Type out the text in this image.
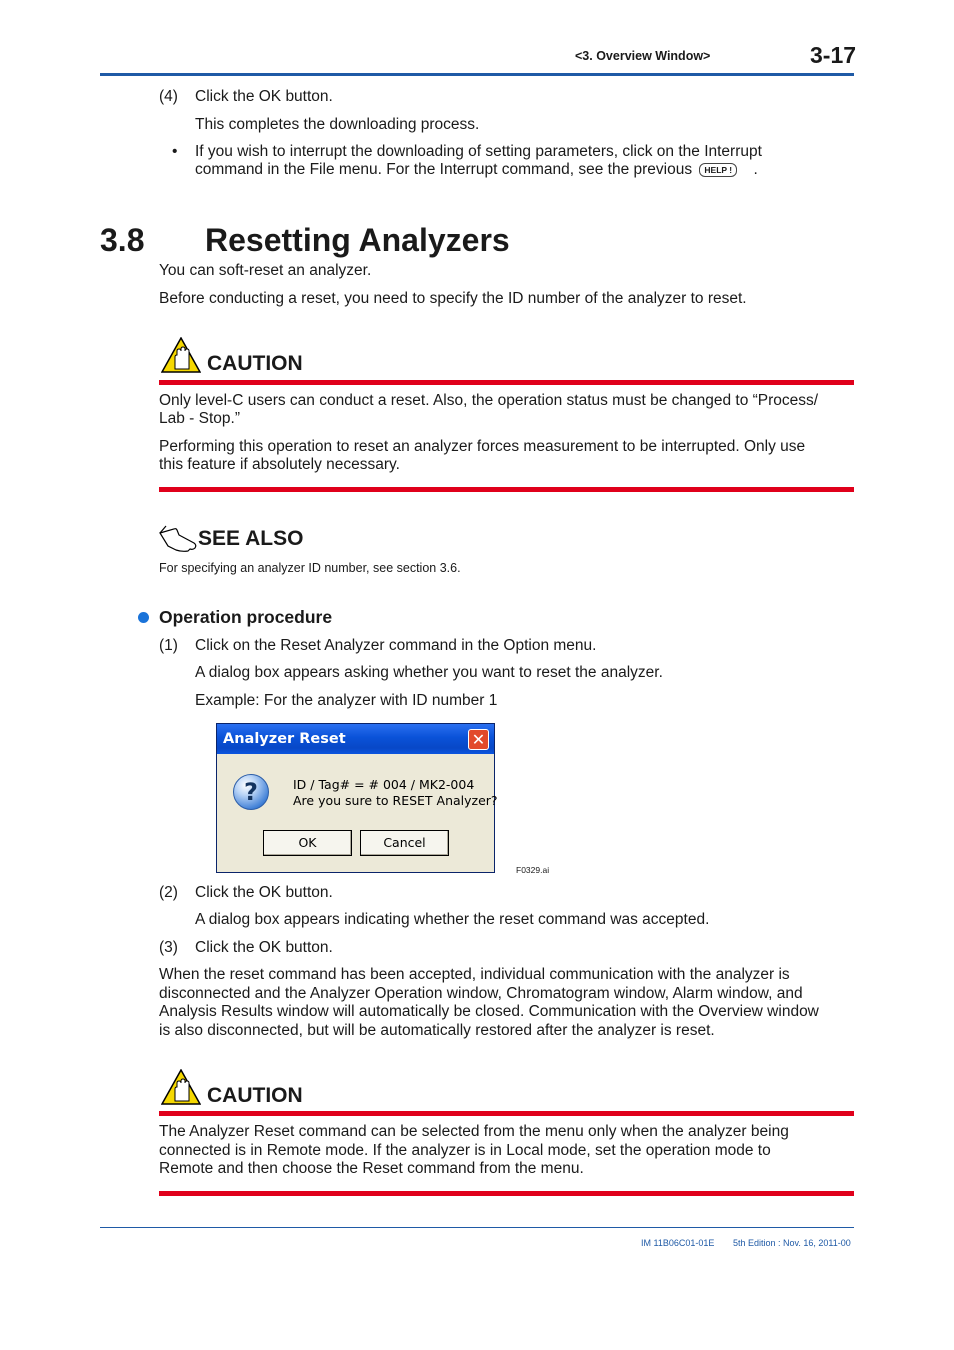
<3. Overview Window>	3-17
(4) Click the OK button.
This completes the downloading process.
• If you wish to interrupt the downloading of setting parameters, click on the Interrupt
command in the File menu. For the Interrupt command, see the previous HELP ! .
3.8 Resetting Analyzers
You can soft-reset an analyzer.
Before conducting a reset, you need to specify the ID number of the analyzer to reset.
CAUTION
Only level-C users can conduct a reset. Also, the operation status must be changed to “Process/
Lab - Stop.”
Performing this operation to reset an analyzer forces measurement to be interrupted. Only use
this feature if absolutely necessary.
SEE ALSO
For specifying an analyzer ID number, see section 3.6.
Operation procedure
(1) Click on the Reset Analyzer command in the Option menu.
A dialog box appears asking whether you want to reset the analyzer.
Example: For the analyzer with ID number 1
Analyzer Reset	✕
?	ID / Tag# = # 004 / MK2-004
Are you sure to RESET Analyzer?
OK	Cancel
F0329.ai
(2) Click the OK button.
A dialog box appears indicating whether the reset command was accepted.
(3) Click the OK button.
When the reset command has been accepted, individual communication with the analyzer is
disconnected and the Analyzer Operation window, Chromatogram window, Alarm window, and
Analysis Results window will automatically be closed. Communication with the Overview window
is also disconnected, but will be automatically restored after the analyzer is reset.
CAUTION
The Analyzer Reset command can be selected from the menu only when the analyzer being
connected is in Remote mode. If the analyzer is in Local mode, set the operation mode to
Remote and then choose the Reset command from the menu.
IM 11B06C01-01E 5th Edition : Nov. 16, 2011-00
